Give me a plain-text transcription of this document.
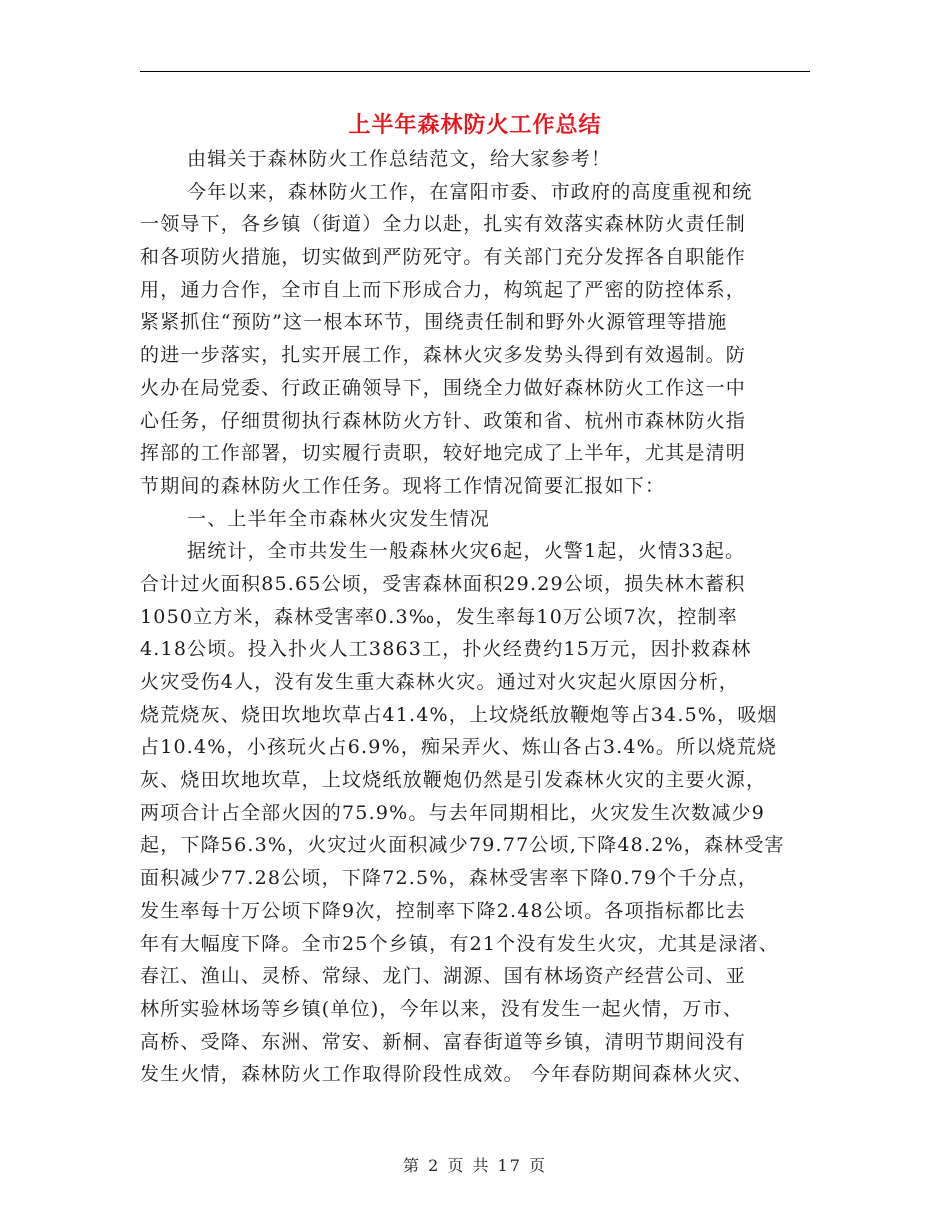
上半年森林防火工作总结
由辑关于森林防火工作总结范文，给大家参考！
今年以来，森林防火工作，在富阳市委、市政府的高度重视和统
一领导下，各乡镇（街道）全力以赴，扎实有效落实森林防火责任制
和各项防火措施，切实做到严防死守。有关部门充分发挥各自职能作
用，通力合作，全市自上而下形成合力，构筑起了严密的防控体系，
紧紧抓住“预防”这一根本环节，围绕责任制和野外火源管理等措施
的进一步落实，扎实开展工作，森林火灾多发势头得到有效遏制。防
火办在局党委、行政正确领导下，围绕全力做好森林防火工作这一中
心任务，仔细贯彻执行森林防火方针、政策和省、杭州市森林防火指
挥部的工作部署，切实履行责职，较好地完成了上半年，尤其是清明
节期间的森林防火工作任务。现将工作情况简要汇报如下：
一、上半年全市森林火灾发生情况
据统计，全市共发生一般森林火灾6起，火警1起，火情33起。
合计过火面积85.65公顷，受害森林面积29.29公顷，损失林木蓄积
1050立方米，森林受害率0.3‰，发生率每10万公顷7次，控制率
4.18公顷。投入扑火人工3863工，扑火经费约15万元，因扑救森林
火灾受伤4人，没有发生重大森林火灾。通过对火灾起火原因分析，
烧荒烧灰、烧田坎地坎草占41.4%，上坟烧纸放鞭炮等占34.5%，吸烟
占10.4%，小孩玩火占6.9%，痴呆弄火、炼山各占3.4%。所以烧荒烧
灰、烧田坎地坎草，上坟烧纸放鞭炮仍然是引发森林火灾的主要火源，
两项合计占全部火因的75.9%。与去年同期相比，火灾发生次数减少9
起，下降56.3%，火灾过火面积减少79.77公顷,下降48.2%，森林受害
面积减少77.28公顷，下降72.5%，森林受害率下降0.79个千分点，
发生率每十万公顷下降9次，控制率下降2.48公顷。各项指标都比去
年有大幅度下降。全市25个乡镇，有21个没有发生火灾，尤其是渌渚、
春江、渔山、灵桥、常绿、龙门、湖源、国有林场资产经营公司、亚
林所实验林场等乡镇(单位)，今年以来，没有发生一起火情，万市、
高桥、受降、东洲、常安、新桐、富春街道等乡镇，清明节期间没有
发生火情，森林防火工作取得阶段性成效。 今年春防期间森林火灾、
第 2 页 共 17 页
